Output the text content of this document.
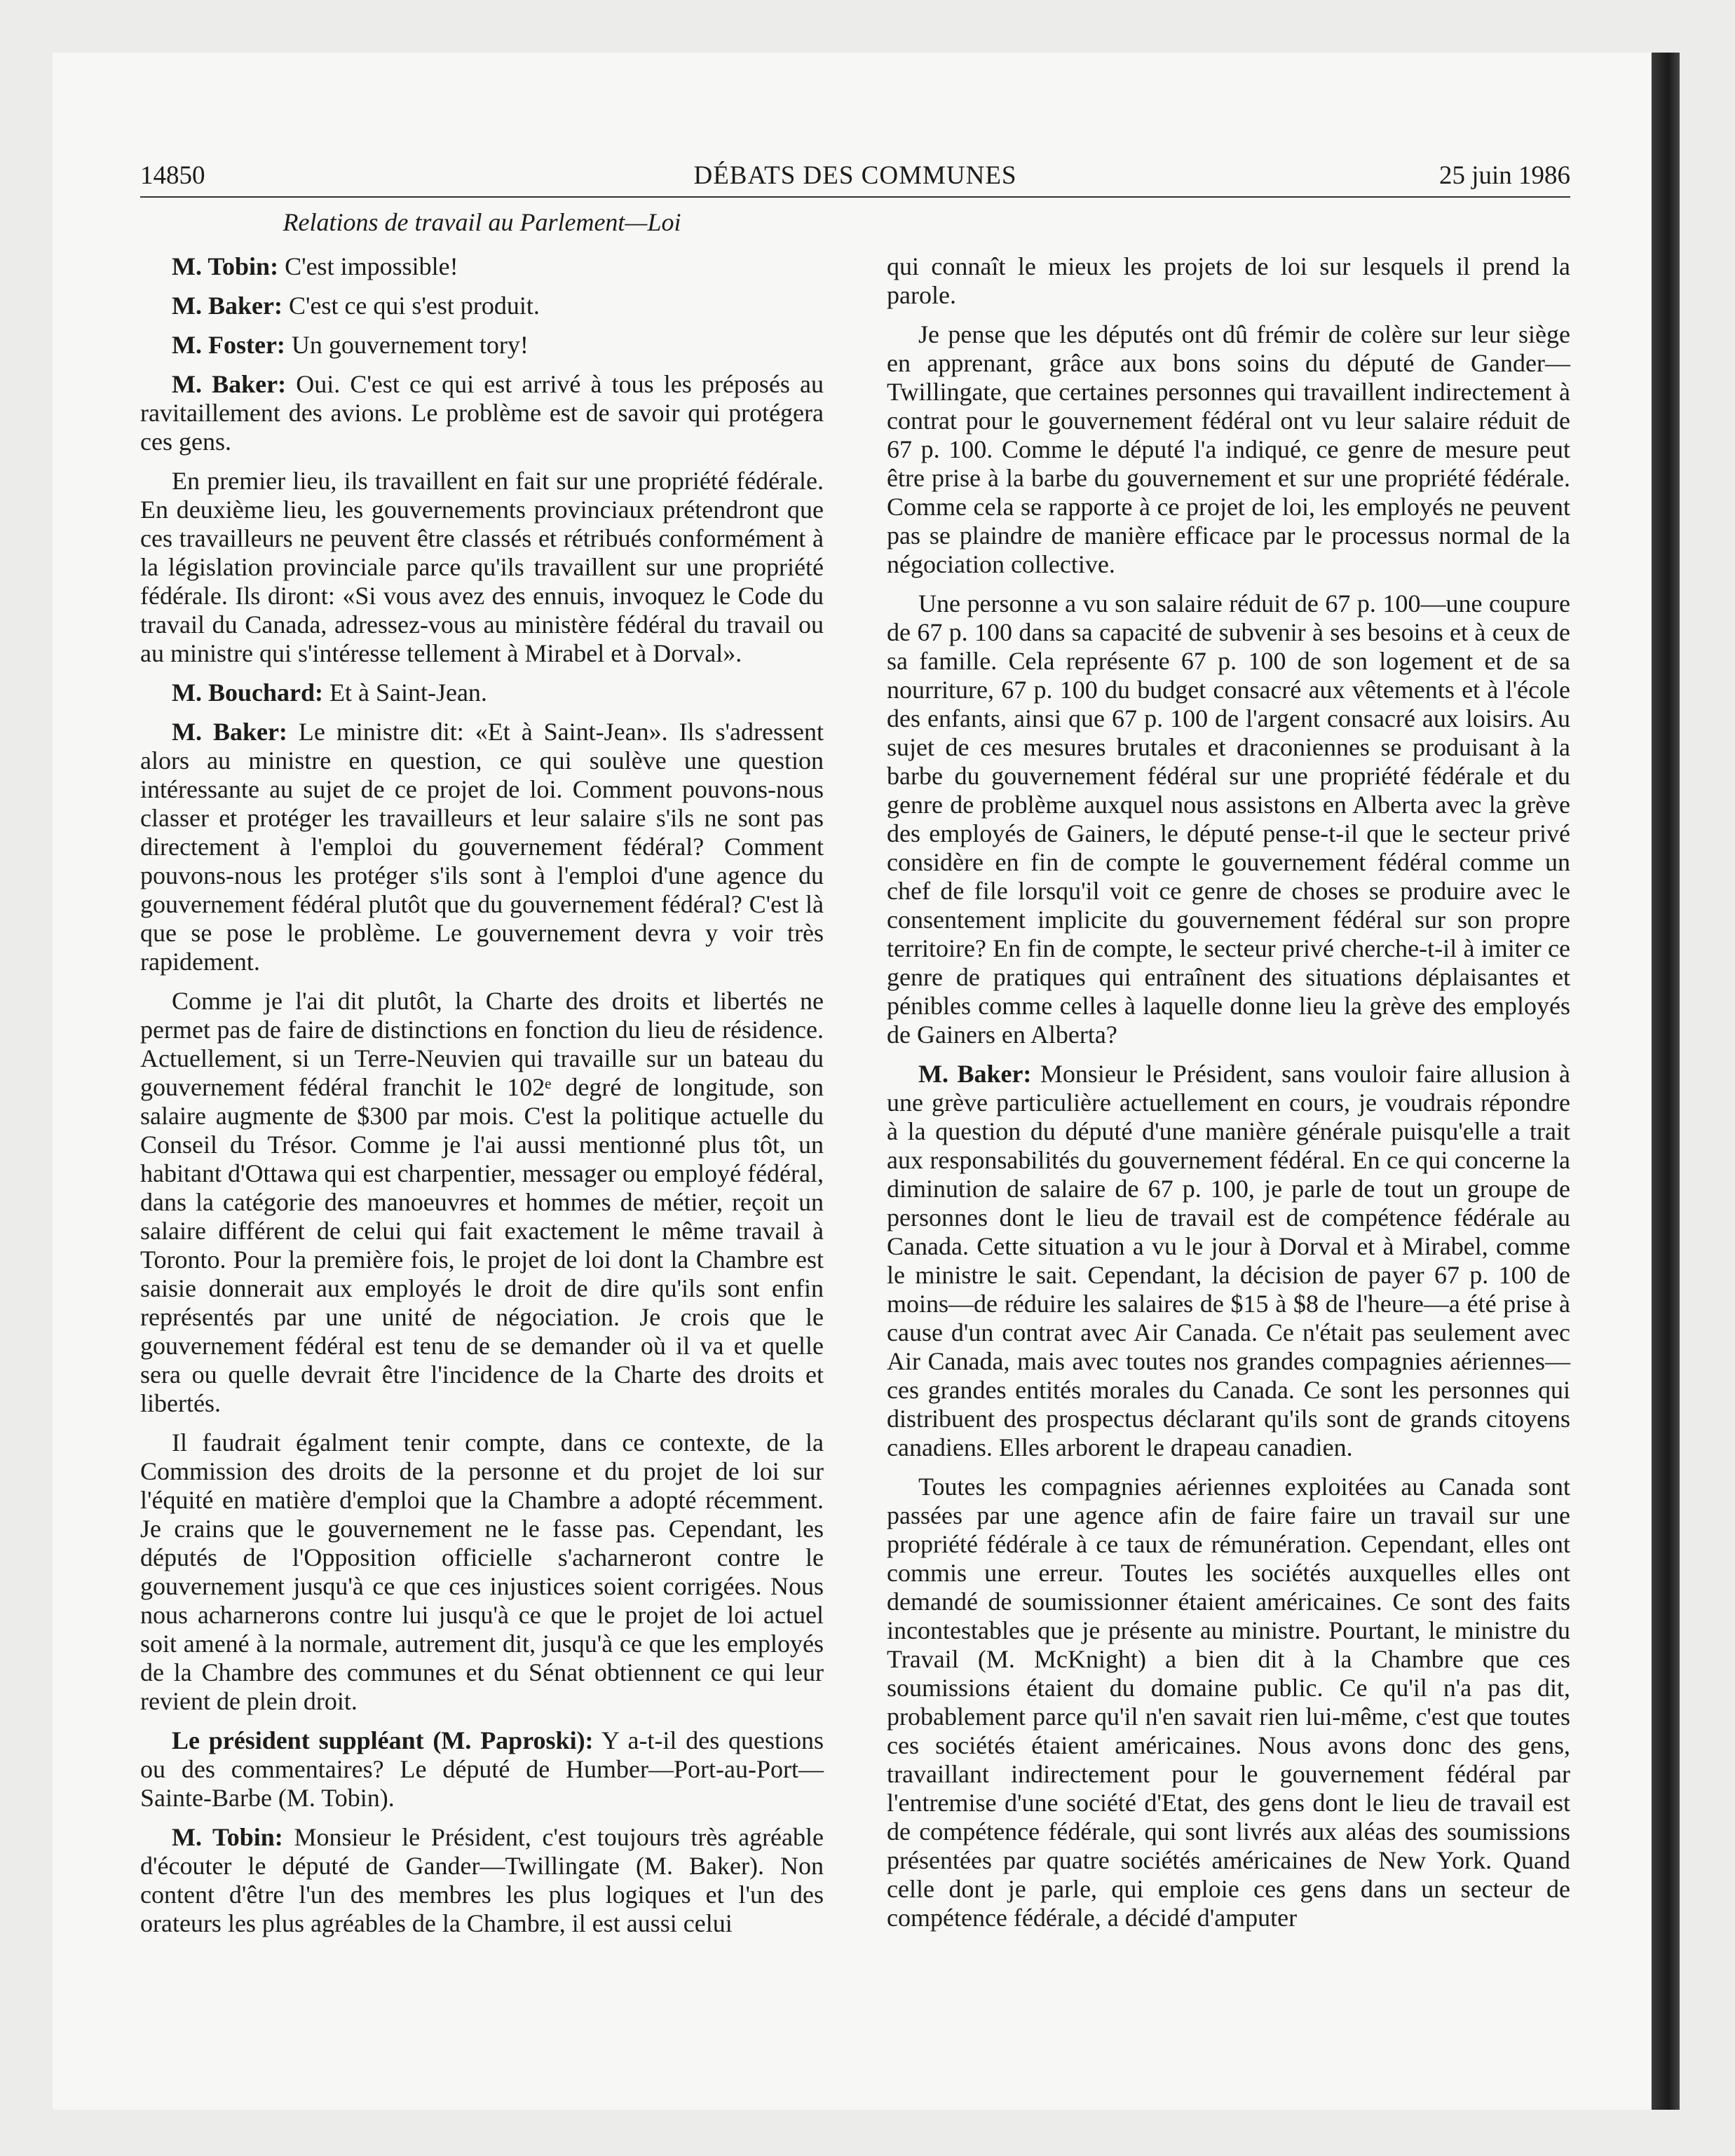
14850	DÉBATS DES COMMUNES	25 juin 1986
Relations de travail au Parlement—Loi

M. Tobin: C'est impossible!

M. Baker: C'est ce qui s'est produit.

M. Foster: Un gouvernement tory!

M. Baker: Oui. C'est ce qui est arrivé à tous les préposés au ravitaillement des avions. Le problème est de savoir qui protégera ces gens.

En premier lieu, ils travaillent en fait sur une propriété fédérale. En deuxième lieu, les gouvernements provinciaux prétendront que ces travailleurs ne peuvent être classés et rétribués conformément à la législation provinciale parce qu'ils travaillent sur une propriété fédérale. Ils diront: «Si vous avez des ennuis, invoquez le Code du travail du Canada, adressez-vous au ministère fédéral du travail ou au ministre qui s'intéresse tellement à Mirabel et à Dorval».

M. Bouchard: Et à Saint-Jean.

M. Baker: Le ministre dit: «Et à Saint-Jean». Ils s'adressent alors au ministre en question, ce qui soulève une question intéressante au sujet de ce projet de loi. Comment pouvons-nous classer et protéger les travailleurs et leur salaire s'ils ne sont pas directement à l'emploi du gouvernement fédéral? Comment pouvons-nous les protéger s'ils sont à l'emploi d'une agence du gouvernement fédéral plutôt que du gouvernement fédéral? C'est là que se pose le problème. Le gouvernement devra y voir très rapidement.

Comme je l'ai dit plutôt, la Charte des droits et libertés ne permet pas de faire de distinctions en fonction du lieu de résidence. Actuellement, si un Terre-Neuvien qui travaille sur un bateau du gouvernement fédéral franchit le 102ᵉ degré de longitude, son salaire augmente de $300 par mois. C'est la politique actuelle du Conseil du Trésor. Comme je l'ai aussi mentionné plus tôt, un habitant d'Ottawa qui est charpentier, messager ou employé fédéral, dans la catégorie des manoeuvres et hommes de métier, reçoit un salaire différent de celui qui fait exactement le même travail à Toronto. Pour la première fois, le projet de loi dont la Chambre est saisie donnerait aux employés le droit de dire qu'ils sont enfin représentés par une unité de négociation. Je crois que le gouvernement fédéral est tenu de se demander où il va et quelle sera ou quelle devrait être l'incidence de la Charte des droits et libertés.

Il faudrait égalment tenir compte, dans ce contexte, de la Commission des droits de la personne et du projet de loi sur l'équité en matière d'emploi que la Chambre a adopté récemment. Je crains que le gouvernement ne le fasse pas. Cependant, les députés de l'Opposition officielle s'acharneront contre le gouvernement jusqu'à ce que ces injustices soient corrigées. Nous nous acharnerons contre lui jusqu'à ce que le projet de loi actuel soit amené à la normale, autrement dit, jusqu'à ce que les employés de la Chambre des communes et du Sénat obtiennent ce qui leur revient de plein droit.

Le président suppléant (M. Paproski): Y a-t-il des questions ou des commentaires? Le député de Humber—Port-au-Port—Sainte-Barbe (M. Tobin).

M. Tobin: Monsieur le Président, c'est toujours très agréable d'écouter le député de Gander—Twillingate (M. Baker). Non content d'être l'un des membres les plus logiques et l'un des orateurs les plus agréables de la Chambre, il est aussi celui

qui connaît le mieux les projets de loi sur lesquels il prend la parole.

Je pense que les députés ont dû frémir de colère sur leur siège en apprenant, grâce aux bons soins du député de Gander—Twillingate, que certaines personnes qui travaillent indirectement à contrat pour le gouvernement fédéral ont vu leur salaire réduit de 67 p. 100. Comme le député l'a indiqué, ce genre de mesure peut être prise à la barbe du gouvernement et sur une propriété fédérale. Comme cela se rapporte à ce projet de loi, les employés ne peuvent pas se plaindre de manière efficace par le processus normal de la négociation collective.

Une personne a vu son salaire réduit de 67 p. 100—une coupure de 67 p. 100 dans sa capacité de subvenir à ses besoins et à ceux de sa famille. Cela représente 67 p. 100 de son logement et de sa nourriture, 67 p. 100 du budget consacré aux vêtements et à l'école des enfants, ainsi que 67 p. 100 de l'argent consacré aux loisirs. Au sujet de ces mesures brutales et draconiennes se produisant à la barbe du gouvernement fédéral sur une propriété fédérale et du genre de problème auxquel nous assistons en Alberta avec la grève des employés de Gainers, le député pense-t-il que le secteur privé considère en fin de compte le gouvernement fédéral comme un chef de file lorsqu'il voit ce genre de choses se produire avec le consentement implicite du gouvernement fédéral sur son propre territoire? En fin de compte, le secteur privé cherche-t-il à imiter ce genre de pratiques qui entraînent des situations déplaisantes et pénibles comme celles à laquelle donne lieu la grève des employés de Gainers en Alberta?

M. Baker: Monsieur le Président, sans vouloir faire allusion à une grève particulière actuellement en cours, je voudrais répondre à la question du député d'une manière générale puisqu'elle a trait aux responsabilités du gouvernement fédéral. En ce qui concerne la diminution de salaire de 67 p. 100, je parle de tout un groupe de personnes dont le lieu de travail est de compétence fédérale au Canada. Cette situation a vu le jour à Dorval et à Mirabel, comme le ministre le sait. Cependant, la décision de payer 67 p. 100 de moins—de réduire les salaires de $15 à $8 de l'heure—a été prise à cause d'un contrat avec Air Canada. Ce n'était pas seulement avec Air Canada, mais avec toutes nos grandes compagnies aériennes—ces grandes entités morales du Canada. Ce sont les personnes qui distribuent des prospectus déclarant qu'ils sont de grands citoyens canadiens. Elles arborent le drapeau canadien.

Toutes les compagnies aériennes exploitées au Canada sont passées par une agence afin de faire faire un travail sur une propriété fédérale à ce taux de rémunération. Cependant, elles ont commis une erreur. Toutes les sociétés auxquelles elles ont demandé de soumissionner étaient américaines. Ce sont des faits incontestables que je présente au ministre. Pourtant, le ministre du Travail (M. McKnight) a bien dit à la Chambre que ces soumissions étaient du domaine public. Ce qu'il n'a pas dit, probablement parce qu'il n'en savait rien lui-même, c'est que toutes ces sociétés étaient américaines. Nous avons donc des gens, travaillant indirectement pour le gouvernement fédéral par l'entremise d'une société d'Etat, des gens dont le lieu de travail est de compétence fédérale, qui sont livrés aux aléas des soumissions présentées par quatre sociétés américaines de New York. Quand celle dont je parle, qui emploie ces gens dans un secteur de compétence fédérale, a décidé d'amputer
